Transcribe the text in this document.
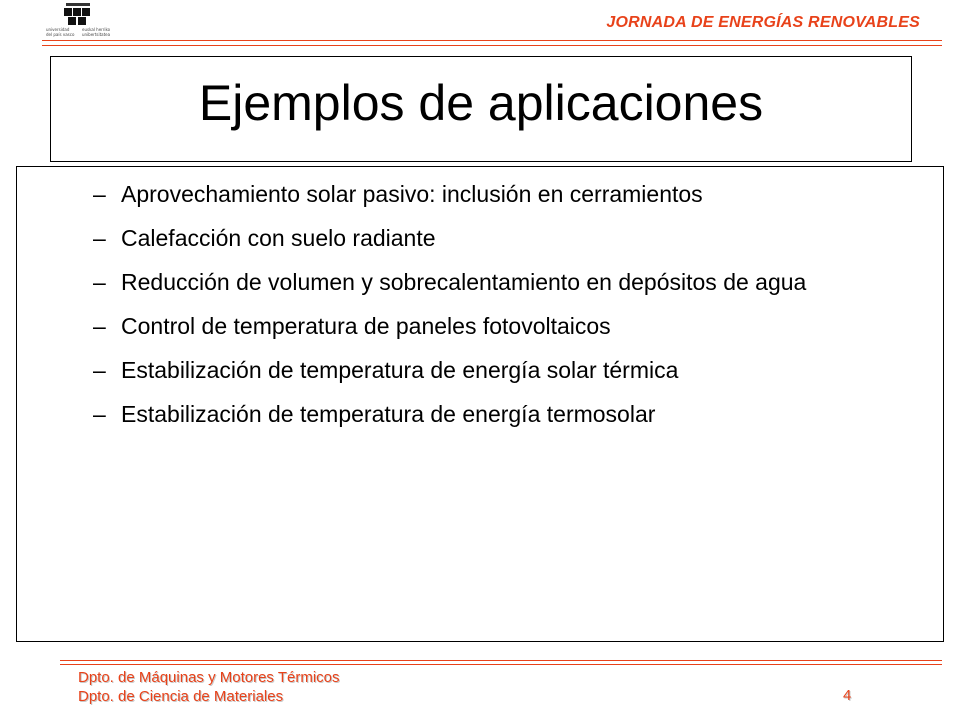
universidad
del país vasco
euskal herriko
unibertsitatea
JORNADA DE ENERGÍAS RENOVABLES
Ejemplos de aplicaciones
– Aprovechamiento solar pasivo: inclusión en cerramientos
– Calefacción con suelo radiante
– Reducción de volumen y sobrecalentamiento en depósitos de agua
– Control de temperatura de paneles fotovoltaicos
– Estabilización de temperatura de energía solar térmica
– Estabilización de temperatura de energía termosolar
Dpto. de Máquinas y Motores Térmicos
Dpto. de Ciencia de Materiales	4
